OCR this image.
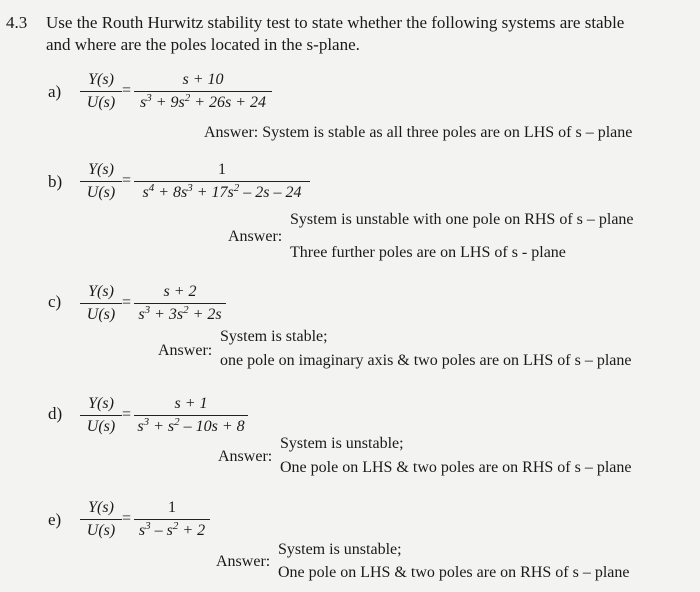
4.3 Use the Routh Hurwitz stability test to state whether the following systems are stable
and where are the poles located in the s-plane.
a)
Y(s)
U(s)
=
s + 10
$s^3 + 9s^2 + 26s + 24$
Answer: System is stable as all three poles are on LHS of s – plane
b)
Y(s)
U(s)
=
1
$s^4 + 8s^3 + 17s^2 - 2s - 24$
Answer:
System is unstable with one pole on RHS of s – plane
Three further poles are on LHS of s - plane
c)
Y(s)
U(s)
=
s + 2
$s^3 + 3s^2 + 2s$
Answer:
System is stable;
one pole on imaginary axis & two poles are on LHS of s – plane
d)
Y(s)
U(s)
=
s + 1
$s^3 + s^2 - 10s + 8$
Answer:
System is unstable;
One pole on LHS & two poles are on RHS of s – plane
e)
Y(s)
U(s)
=
1
$s^3 - s^2 + 2$
Answer:
System is unstable;
One pole on LHS & two poles are on RHS of s – plane
